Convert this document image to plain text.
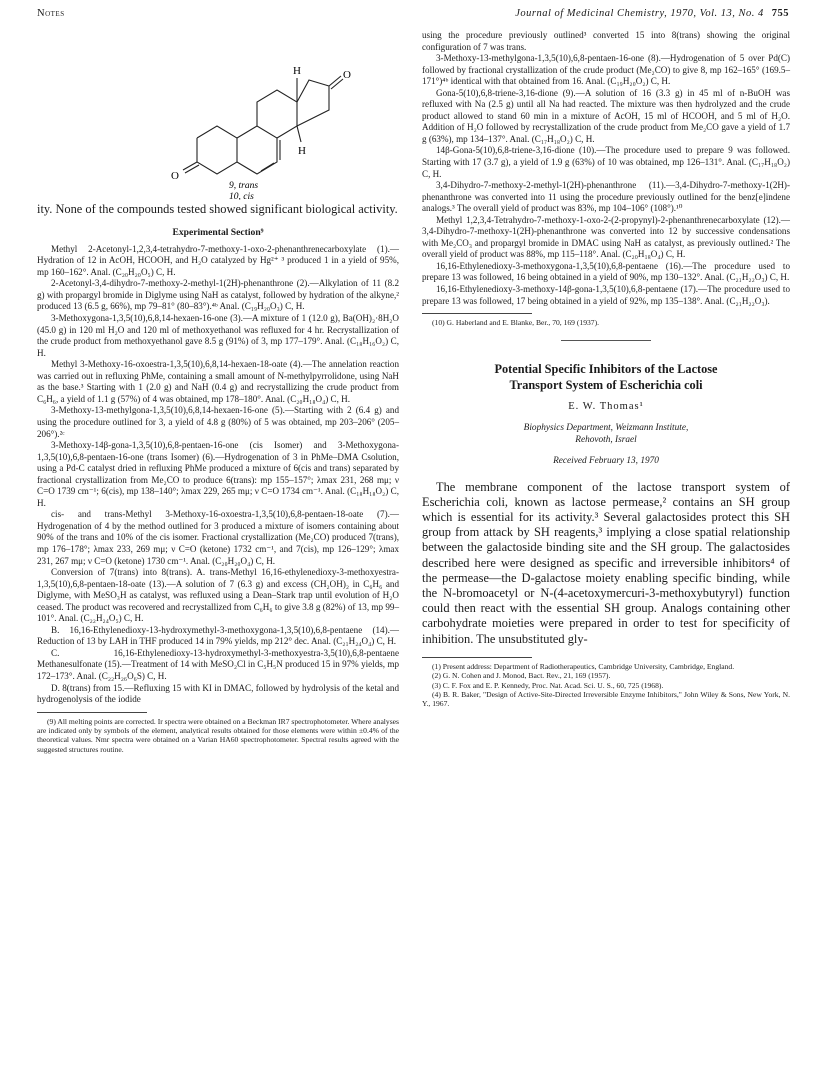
Notes	Journal of Medicinal Chemistry, 1970, Vol. 13, No. 4 755
H
H
O
O
9, trans
10, cis

ity. None of the compounds tested showed significant biological activity.

Experimental Section⁹

Methyl 2-Acetonyl-1,2,3,4-tetrahydro-7-methoxy-1-oxo-2-phenanthrenecarboxylate (1).—Hydration of 12 in AcOH, HCOOH, and H₂O catalyzed by Hg²⁺ ³ produced 1 in a yield of 95%, mp 160–162°. Anal. (C₂₀H₂₀O₅) C, H.

2-Acetonyl-3,4-dihydro-7-methoxy-2-methyl-1(2H)-phenanthrone (2).—Alkylation of 11 (8.2 g) with propargyl bromide in Diglyme using NaH as catalyst, followed by hydration of the alkyne,² produced 13 (6.5 g, 66%), mp 79–81° (80–83°).⁴ᵇ Anal. (C₁₉H₂₀O₃) C, H.

3-Methoxygona-1,3,5(10),6,8,14-hexaen-16-one (3).—A mixture of 1 (12.0 g), Ba(OH)₂·8H₂O (45.0 g) in 120 ml H₂O and 120 ml of methoxyethanol was refluxed for 4 hr. Recrystallization of the crude product from methoxyethanol gave 8.5 g (91%) of 3, mp 177–179°. Anal. (C₁₈H₁₆O₂) C, H.

Methyl 3-Methoxy-16-oxoestra-1,3,5(10),6,8,14-hexaen-18-oate (4).—The annelation reaction was carried out in refluxing PhMe, containing a small amount of N-methylpyrrolidone, using NaH as the base.³ Starting with 1 (2.0 g) and NaH (0.4 g) and recrystallizing the crude product from C₆H₆, a yield of 1.1 g (57%) of 4 was obtained, mp 178–180°. Anal. (C₂₀H₁₈O₄) C, H.

3-Methoxy-13-methylgona-1,3,5(10),6,8,14-hexaen-16-one (5).—Starting with 2 (6.4 g) and using the procedure outlined for 3, a yield of 4.8 g (80%) of 5 was obtained, mp 203–206° (205–206°).²ᶜ

3-Methoxy-14β-gona-1,3,5(10),6,8-pentaen-16-one (cis Isomer) and 3-Methoxygona-1,3,5(10),6,8-pentaen-16-one (trans Isomer) (6).—Hydrogenation of 3 in PhMe–DMA Csolution, using a Pd-C catalyst dried in refluxing PhMe produced a mixture of 6(cis and trans) separated by fractional crystallization from Me₂CO to produce 6(trans): mp 155–157°; λmax 231, 268 mμ; ν C=O 1739 cm⁻¹; 6(cis), mp 138–140°; λmax 229, 265 mμ; ν C=O 1734 cm⁻¹. Anal. (C₁₈H₁₈O₂) C, H.

cis- and trans-Methyl 3-Methoxy-16-oxoestra-1,3,5(10),6,8-pentaen-18-oate (7).—Hydrogenation of 4 by the method outlined for 3 produced a mixture of isomers containing about 90% of the trans and 10% of the cis isomer. Fractional crystallization (Me₂CO) produced 7(trans), mp 176–178°; λmax 233, 269 mμ; ν C=O (ketone) 1732 cm⁻¹, and 7(cis), mp 126–129°; λmax 231, 267 mμ; ν C=O (ketone) 1730 cm⁻¹. Anal. (C₂₀H₂₀O₄) C, H.

Conversion of 7(trans) into 8(trans). A. trans-Methyl 16,16-ethylenedioxy-3-methoxyestra-1,3,5(10),6,8-pentaen-18-oate (13).—A solution of 7 (6.3 g) and excess (CH₂OH)₂ in C₆H₆ and Diglyme, with MeSO₃H as catalyst, was refluxed using a Dean–Stark trap until evolution of H₂O ceased. The product was recovered and recrystallized from C₆H₆ to give 3.8 g (82%) of 13, mp 99–101°. Anal. (C₂₂H₂₄O₅) C, H.

B. 16,16-Ethylenedioxy-13-hydroxymethyl-3-methoxygona-1,3,5(10),6,8-pentaene (14).—Reduction of 13 by LAH in THF produced 14 in 79% yields, mp 212° dec. Anal. (C₂₁H₂₄O₄) C, H.

C. 16,16-Ethylenedioxy-13-hydroxymethyl-3-methoxyestra-3,5(10),6,8-pentaene Methanesulfonate (15).—Treatment of 14 with MeSO₂Cl in C₅H₅N produced 15 in 97% yields, mp 172–173°. Anal. (C₂₂H₂₆O₆S) C, H.

D. 8(trans) from 15.—Refluxing 15 with KI in DMAC, followed by hydrolysis of the ketal and hydrogenolysis of the iodide

(9) All melting points are corrected. Ir spectra were obtained on a Beckman IR7 spectrophotometer. Where analyses are indicated only by symbols of the element, analytical results obtained for those elements were within ±0.4% of the theoretical values. Nmr spectra were obtained on a Varian HA60 spectrophotometer. Spectral results agreed with the suggested structures routine.

using the procedure previously outlined³ converted 15 into 8(trans) showing the original configuration of 7 was trans.

3-Methoxy-13-methylgona-1,3,5(10),6,8-pentaen-16-one (8).—Hydrogenation of 5 over Pd(C) followed by fractional crystallization of the crude product (Me₂CO) to give 8, mp 162–165° (169.5–171°)⁴ᵇ identical with that obtained from 16. Anal. (C₁₉H₂₀O₂) C, H.

Gona-5(10),6,8-triene-3,16-dione (9).—A solution of 16 (3.3 g) in 45 ml of n-BuOH was refluxed with Na (2.5 g) until all Na had reacted. The mixture was then hydrolyzed and the crude product allowed to stand 60 min in a mixture of AcOH, 15 ml of HCOOH, and 5 ml of H₂O. Addition of H₂O followed by recrystallization of the crude product from Me₂CO gave a yield of 1.7 g (63%), mp 134–137°. Anal. (C₁₇H₁₈O₂) C, H.

14β-Gona-5(10),6,8-triene-3,16-dione (10).—The procedure used to prepare 9 was followed. Starting with 17 (3.7 g), a yield of 1.9 g (63%) of 10 was obtained, mp 126–131°. Anal. (C₁₇H₁₈O₂) C, H.

3,4-Dihydro-7-methoxy-2-methyl-1(2H)-phenanthrone (11).—3,4-Dihydro-7-methoxy-1(2H)-phenanthrone was converted into 11 using the procedure previously outlined for the benz[e]indene analogs.³ The overall yield of product was 83%, mp 104–106° (108°).¹⁰

Methyl 1,2,3,4-Tetrahydro-7-methoxy-1-oxo-2-(2-propynyl)-2-phenanthrenecarboxylate (12).—3,4-Dihydro-7-methoxy-1(2H)-phenanthrone was converted into 12 by successive condensations with Me₂CO₃ and propargyl bromide in DMAC using NaH as catalyst, as previously outlined.² The overall yield of product was 88%, mp 115–118°. Anal. (C₂₀H₁₈O₄) C, H.

16,16-Ethylenedioxy-3-methoxygona-1,3,5(10),6,8-pentaene (16).—The procedure used to prepare 13 was followed, 16 being obtained in a yield of 90%, mp 130–132°. Anal. (C₂₁H₂₂O₃) C, H.

16,16-Ethylenedioxy-3-methoxy-14β-gona-1,3,5(10),6,8-pentaene (17).—The procedure used to prepare 13 was followed, 17 being obtained in a yield of 92%, mp 135–138°. Anal. (C₂₁H₂₂O₃).

(10) G. Haberland and E. Blanke, Ber., 70, 169 (1937).

Potential Specific Inhibitors of the Lactose
Transport System of Escherichia coli
E. W. Thomas¹
Biophysics Department, Weizmann Institute,
Rehovoth, Israel
Received February 13, 1970

The membrane component of the lactose transport system of Escherichia coli, known as lactose permease,² contains an SH group which is essential for its activity.³ Several galactosides protect this SH group from attack by SH reagents,³ implying a close spatial relationship between the galactoside binding site and the SH group. The galactosides described here were designed as specific and irreversible inhibitors⁴ of the permease—the D-galactose moiety enabling specific binding, while the N-bromoacetyl or N-(4-acetoxymercuri-3-methoxybutyryl) function could then react with the essential SH group. Analogs containing other carbohydrate moieties were prepared in order to test for specificity of inhibition. The unsubstituted gly-

(1) Present address: Department of Radiotherapeutics, Cambridge University, Cambridge, England.

(2) G. N. Cohen and J. Monod, Bact. Rev., 21, 169 (1957).

(3) C. F. Fox and E. P. Kennedy, Proc. Nat. Acad. Sci. U. S., 60, 725 (1968).

(4) B. R. Baker, "Design of Active-Site-Directed Irreversible Enzyme Inhibitors," John Wiley & Sons, New York, N. Y., 1967.
